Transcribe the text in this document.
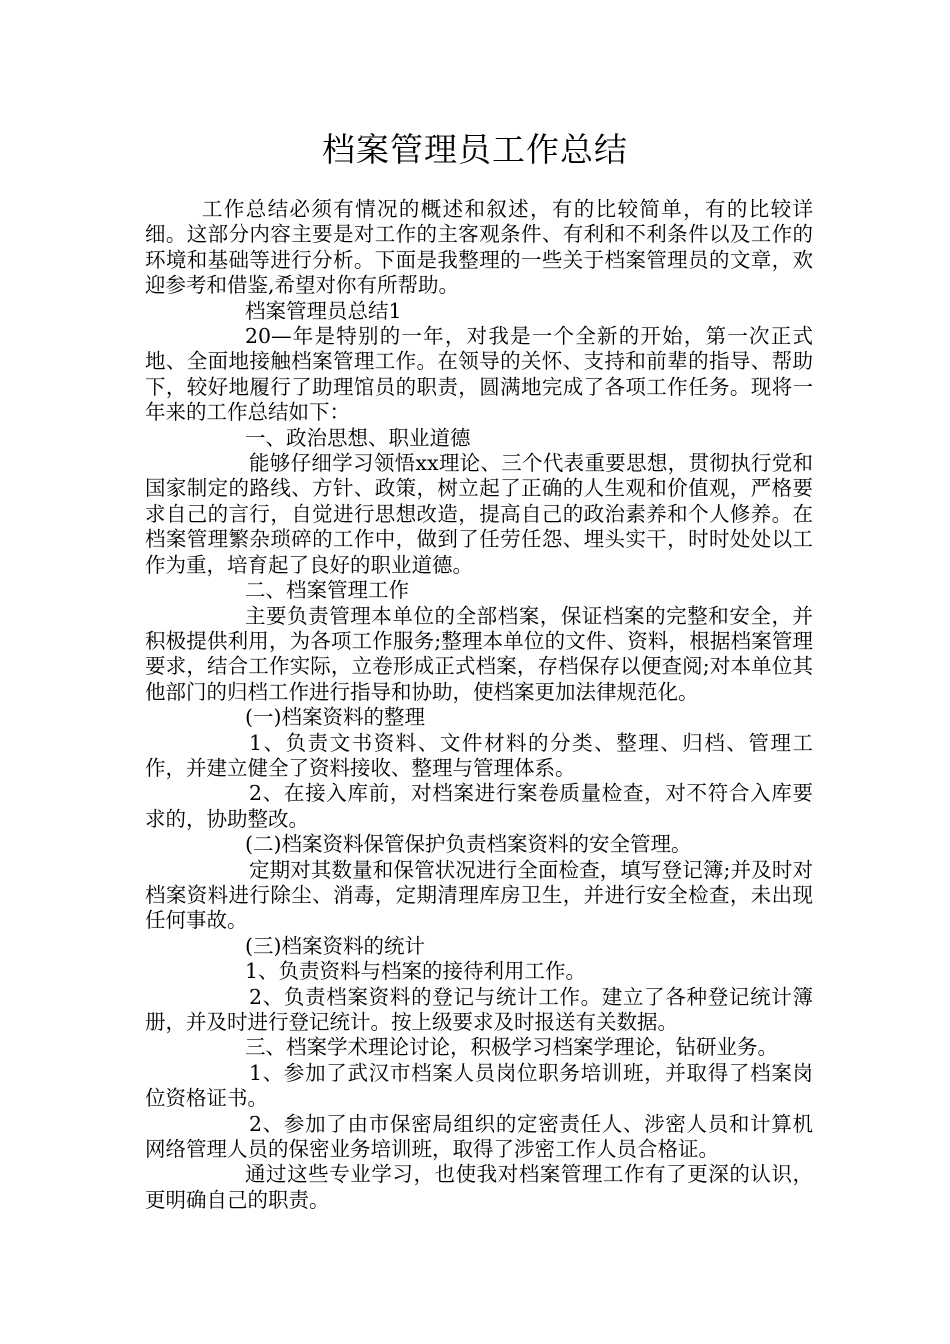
档案管理员工作总结

工作总结必须有情况的概述和叙述，有的比较简单，有的比较详细。这部分内容主要是对工作的主客观条件、有利和不利条件以及工作的环境和基础等进行分析。下面是我整理的一些关于档案管理员的文章，欢迎参考和借鉴,希望对你有所帮助。

档案管理员总结1

20—年是特别的一年，对我是一个全新的开始，第一次正式地、全面地接触档案管理工作。在领导的关怀、支持和前辈的指导、帮助下，较好地履行了助理馆员的职责，圆满地完成了各项工作任务。现将一年来的工作总结如下：

一、政治思想、职业道德

能够仔细学习领悟xx理论、三个代表重要思想，贯彻执行党和国家制定的路线、方针、政策，树立起了正确的人生观和价值观，严格要求自己的言行，自觉进行思想改造，提高自己的政治素养和个人修养。在档案管理繁杂琐碎的工作中，做到了任劳任怨、埋头实干，时时处处以工作为重，培育起了良好的职业道德。

二、档案管理工作

主要负责管理本单位的全部档案，保证档案的完整和安全，并积极提供利用，为各项工作服务;整理本单位的文件、资料，根据档案管理要求，结合工作实际，立卷形成正式档案，存档保存以便查阅;对本单位其他部门的归档工作进行指导和协助，使档案更加法律规范化。

(一)档案资料的整理

1、负责文书资料、文件材料的分类、整理、归档、管理工作，并建立健全了资料接收、整理与管理体系。

2、在接入库前，对档案进行案卷质量检查，对不符合入库要求的，协助整改。

(二)档案资料保管保护负责档案资料的安全管理。

定期对其数量和保管状况进行全面检查，填写登记簿;并及时对档案资料进行除尘、消毒，定期清理库房卫生，并进行安全检查，未出现任何事故。

(三)档案资料的统计

1、负责资料与档案的接待利用工作。

2、负责档案资料的登记与统计工作。建立了各种登记统计簿册，并及时进行登记统计。按上级要求及时报送有关数据。

三、档案学术理论讨论，积极学习档案学理论，钻研业务。

1、参加了武汉市档案人员岗位职务培训班，并取得了档案岗位资格证书。

2、参加了由市保密局组织的定密责任人、涉密人员和计算机网络管理人员的保密业务培训班，取得了涉密工作人员合格证。

通过这些专业学习，也使我对档案管理工作有了更深的认识，更明确自己的职责。
